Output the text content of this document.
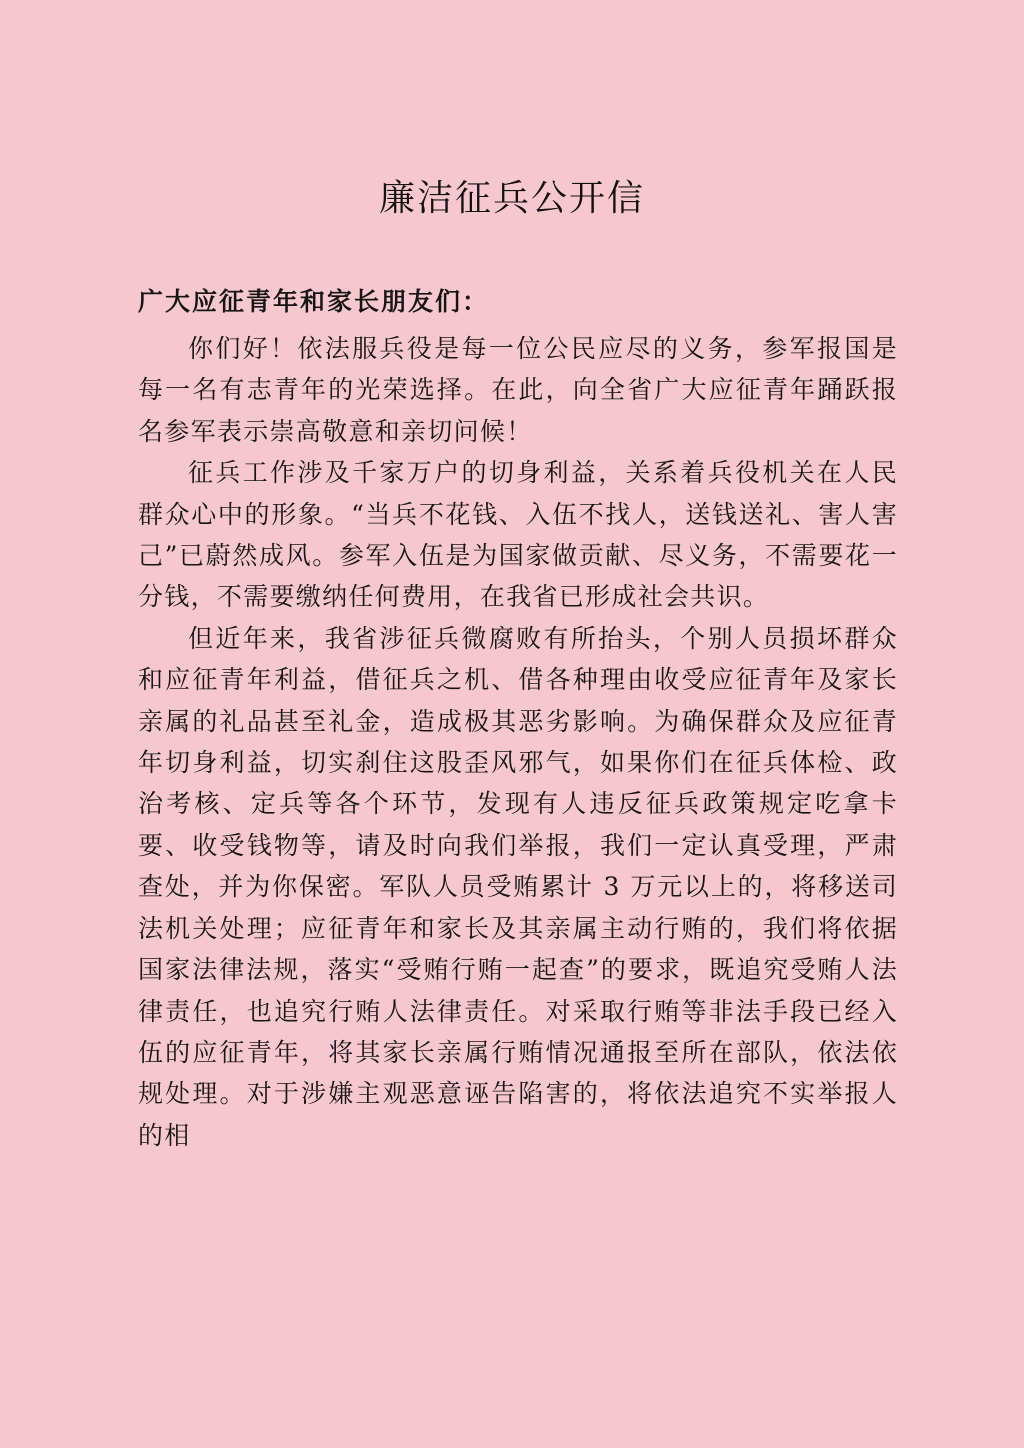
廉洁征兵公开信
广大应征青年和家长朋友们：

你们好！依法服兵役是每一位公民应尽的义务，参军报国是每一名有志青年的光荣选择。在此，向全省广大应征青年踊跃报名参军表示崇高敬意和亲切问候！

征兵工作涉及千家万户的切身利益，关系着兵役机关在人民群众心中的形象。“当兵不花钱、入伍不找人，送钱送礼、害人害己”已蔚然成风。参军入伍是为国家做贡献、尽义务，不需要花一分钱，不需要缴纳任何费用，在我省已形成社会共识。

但近年来，我省涉征兵微腐败有所抬头，个别人员损坏群众和应征青年利益，借征兵之机、借各种理由收受应征青年及家长亲属的礼品甚至礼金，造成极其恶劣影响。为确保群众及应征青年切身利益，切实刹住这股歪风邪气，如果你们在征兵体检、政治考核、定兵等各个环节，发现有人违反征兵政策规定吃拿卡要、收受钱物等，请及时向我们举报，我们一定认真受理，严肃查处，并为你保密。军队人员受贿累计 3 万元以上的，将移送司法机关处理；应征青年和家长及其亲属主动行贿的，我们将依据国家法律法规，落实“受贿行贿一起查”的要求，既追究受贿人法律责任，也追究行贿人法律责任。对采取行贿等非法手段已经入伍的应征青年，将其家长亲属行贿情况通报至所在部队，依法依规处理。对于涉嫌主观恶意诬告陷害的，将依法追究不实举报人的相
